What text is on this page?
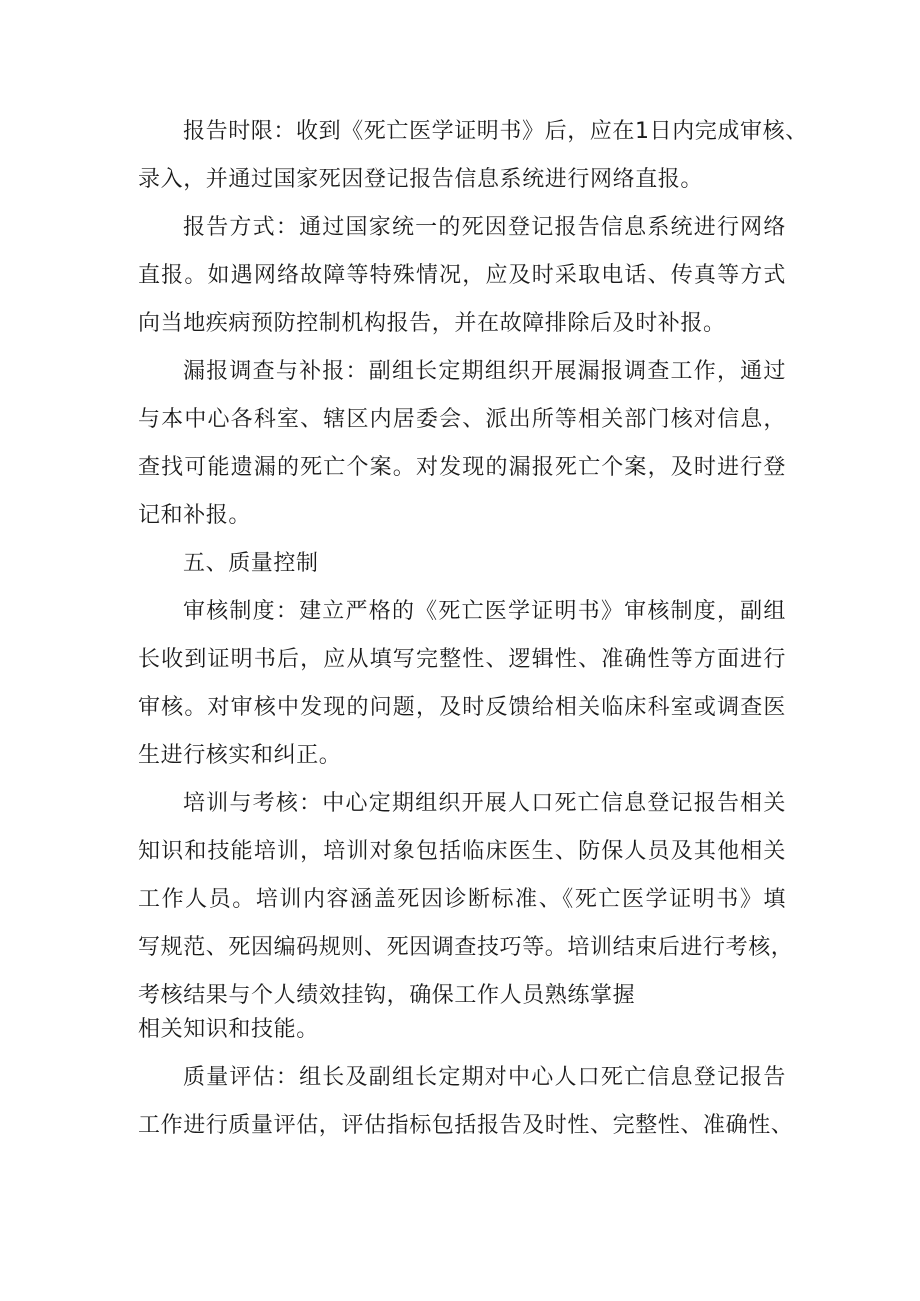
报告时限：收到《死亡医学证明书》后，应在1日内完成审核、
录入，并通过国家死因登记报告信息系统进行网络直报。
报告方式：通过国家统一的死因登记报告信息系统进行网络
直报。如遇网络故障等特殊情况，应及时采取电话、传真等方式
向当地疾病预防控制机构报告，并在故障排除后及时补报。
漏报调查与补报：副组长定期组织开展漏报调查工作，通过
与本中心各科室、辖区内居委会、派出所等相关部门核对信息，
查找可能遗漏的死亡个案。对发现的漏报死亡个案，及时进行登
记和补报。
五、质量控制
审核制度：建立严格的《死亡医学证明书》审核制度，副组
长收到证明书后，应从填写完整性、逻辑性、准确性等方面进行
审核。对审核中发现的问题，及时反馈给相关临床科室或调查医
生进行核实和纠正。
培训与考核：中心定期组织开展人口死亡信息登记报告相关
知识和技能培训，培训对象包括临床医生、防保人员及其他相关
工作人员。培训内容涵盖死因诊断标准、《死亡医学证明书》填
写规范、死因编码规则、死因调查技巧等。培训结束后进行考核，
考核结果与个人绩效挂钩，确保工作人员熟练掌握
相关知识和技能。
质量评估：组长及副组长定期对中心人口死亡信息登记报告
工作进行质量评估，评估指标包括报告及时性、完整性、准确性、
